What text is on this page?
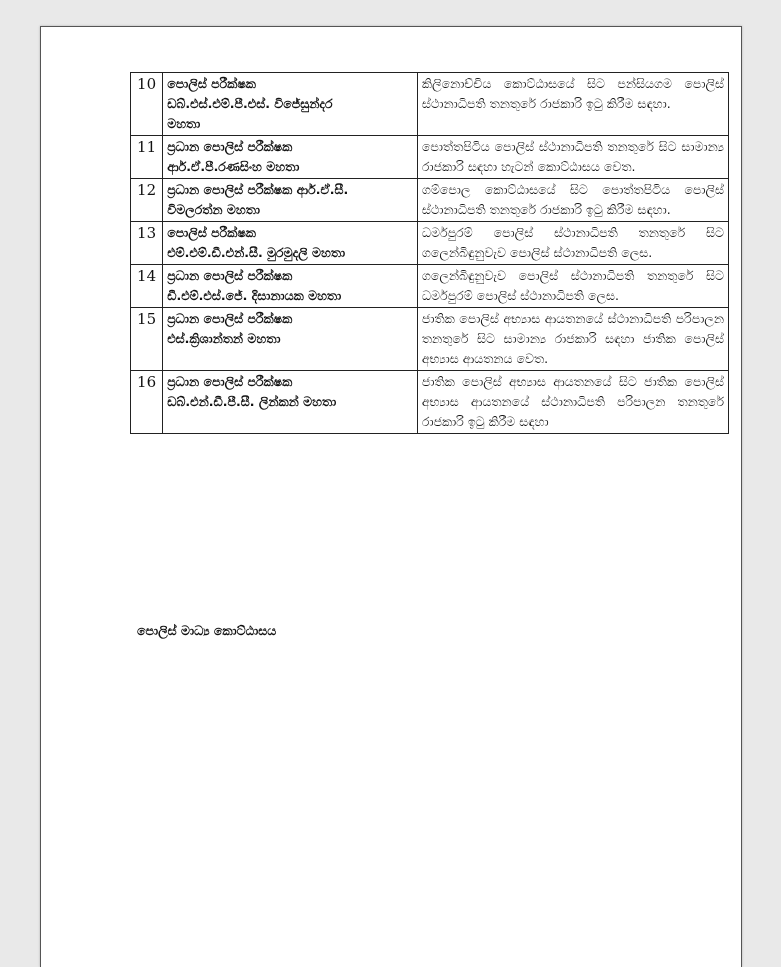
10	පොලිස් පරීක්ෂක
ඩබ්.එස්.එම්.පී.එස්. විජේසුන්දර
මහතා	කිලිනොච්චිය කොට්ඨාසයේ සිට පන්සියගම පොලිස් ස්ථානාධිපති තනතුරේ රාජකාරි ඉටු කිරීම සඳහා.
11	ප්‍රධාන පොලිස් පරීක්ෂක
ආර්.ඒ.පී.රණසිංහ මහතා	පොත්තපිටිය පොලිස් ස්ථානාධිපති තනතුරේ සිට සාමාන්‍ය රාජකාරි සඳහා හැටන් කොට්ඨාසය වෙත.
12	ප්‍රධාන පොලිස් පරීක්ෂක ආර්.ඒ.සී.
විමලරත්න මහතා	ගම්පොල කොට්ඨාසයේ සිට පොත්තපිටිය පොලිස් ස්ථානාධිපති තනතුරේ රාජකාරි ඉටු කිරීම සඳහා.
13	පොලිස් පරීක්ෂක
එම්.එම්.ඩී.එන්.සී. මුරමුදලි මහතා	ධර්මපුරම් පොලිස් ස්ථානාධිපති තනතුරේ සිට ගලෙන්බිඳුනුවැව පොලිස් ස්ථානාධිපති ලෙස.
14	ප්‍රධාන පොලිස් පරීක්ෂක
ඩී.එම්.එස්.ජේ. දිසානායක මහතා	ගලෙන්බිඳුනුවැව පොලිස් ස්ථානාධිපති තනතුරේ සිට ධර්මපුරම් පොලිස් ස්ථානාධිපති ලෙස.
15	ප්‍රධාන පොලිස් පරීක්ෂක
එස්.ක්‍රිශාන්තන් මහතා	ජාතික පොලිස් අභ්‍යාස ආයතනයේ ස්ථානාධිපති පරිපාලන තනතුරේ සිට සාමාන්‍ය රාජකාරි සඳහා ජාතික පොලිස් අභ්‍යාස ආයතනය වෙත.
16	ප්‍රධාන පොලිස් පරීක්ෂක
ඩබ්.එන්.ඩී.පී.සී. ලින්කන් මහතා	ජාතික පොලිස් අභ්‍යාස ආයතනයේ සිට ජාතික පොලිස් අභ්‍යාස ආයතනයේ ස්ථානාධිපති පරිපාලන තනතුරේ රාජකාරි ඉටු කිරීම සඳහා
පොලිස් මාධ්‍ය කොට්ඨාසය
